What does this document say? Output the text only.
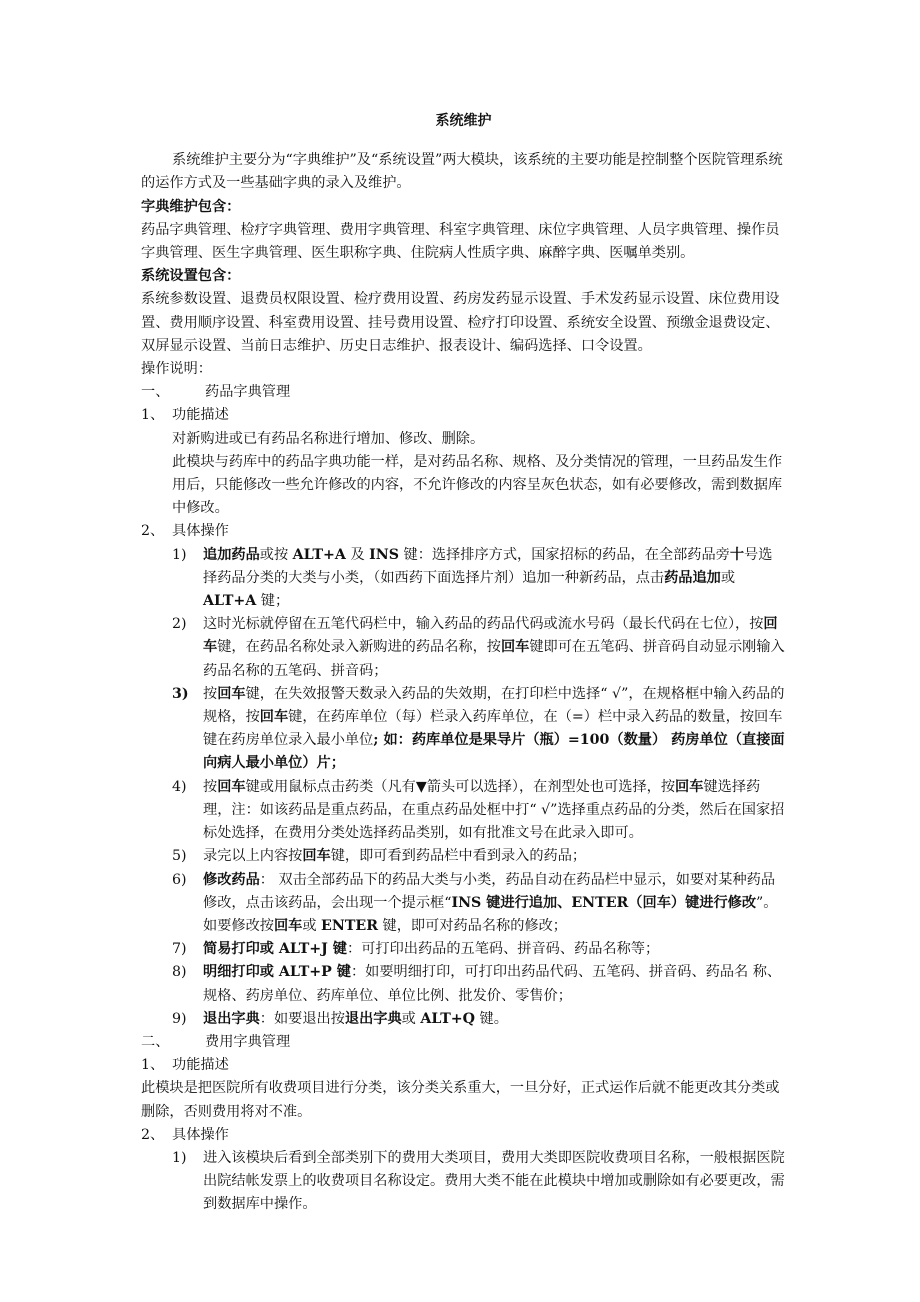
系统维护

系统维护主要分为“字典维护”及“系统设置”两大模块，该系统的主要功能是控制整个医院管理系统的运作方式及一些基础字典的录入及维护。

字典维护包含：

药品字典管理、检疗字典管理、费用字典管理、科室字典管理、床位字典管理、人员字典管理、操作员字典管理、医生字典管理、医生职称字典、住院病人性质字典、麻醉字典、医嘱单类别。

系统设置包含：

系统参数设置、退费员权限设置、检疗费用设置、药房发药显示设置、手术发药显示设置、床位费用设置、费用顺序设置、科室费用设置、挂号费用设置、检疗打印设置、系统安全设置、预缴金退费设定、双屏显示设置、当前日志维护、历史日志维护、报表设计、编码选择、口令设置。

操作说明：

一、	药品字典管理
1、 功能描述

对新购进或已有药品名称进行增加、修改、删除。

此模块与药库中的药品字典功能一样，是对药品名称、规格、及分类情况的管理，一旦药品发生作用后，只能修改一些允许修改的内容，不允许修改的内容呈灰色状态，如有必要修改，需到数据库中修改。

2、 具体操作
1)	追加药品或按 ALT+A 及 INS 键：选择排序方式，国家招标的药品，在全部药品旁十号选择药品分类的大类与小类，（如西药下面选择片剂）追加一种新药品，点击药品追加或 ALT+A 键；
2)	这时光标就停留在五笔代码栏中，输入药品的药品代码或流水号码（最长代码在七位），按回车键，在药品名称处录入新购进的药品名称，按回车键即可在五笔码、拼音码自动显示刚输入药品名称的五笔码、拼音码；
3)	按回车键，在失效报警天数录入药品的失效期，在打印栏中选择“ √”，在规格框中输入药品的规格，按回车键，在药库单位（每）栏录入药库单位，在（=）栏中录入药品的数量，按回车键在药房单位录入最小单位; 如：药库单位是果导片（瓶）=100（数量） 药房单位（直接面向病人最小单位）片；
4)	按回车键或用鼠标点击药类（凡有▼箭头可以选择），在剂型处也可选择，按回车键选择药理，注：如该药品是重点药品，在重点药品处框中打“ √”选择重点药品的分类，然后在国家招标处选择，在费用分类处选择药品类别，如有批准文号在此录入即可。
5)	录完以上内容按回车键，即可看到药品栏中看到录入的药品；
6)	修改药品： 双击全部药品下的药品大类与小类，药品自动在药品栏中显示，如要对某种药品修改，点击该药品，会出现一个提示框“INS 键进行追加、ENTER（回车）键进行修改”。如要修改按回车或 ENTER 键，即可对药品名称的修改；
7)	简易打印或 ALT+J 键：可打印出药品的五笔码、拼音码、药品名称等；
8)	明细打印或 ALT+P 键：如要明细打印，可打印出药品代码、五笔码、拼音码、药品名 称、规格、药房单位、药库单位、单位比例、批发价、零售价；
9)	退出字典：如要退出按退出字典或 ALT+Q 键。
二、	费用字典管理
1、 功能描述

此模块是把医院所有收费项目进行分类，该分类关系重大，一旦分好，正式运作后就不能更改其分类或删除，否则费用将对不准。

2、 具体操作
1)	进入该模块后看到全部类别下的费用大类项目，费用大类即医院收费项目名称，一般根据医院出院结帐发票上的收费项目名称设定。费用大类不能在此模块中增加或删除如有必要更改，需到数据库中操作。
